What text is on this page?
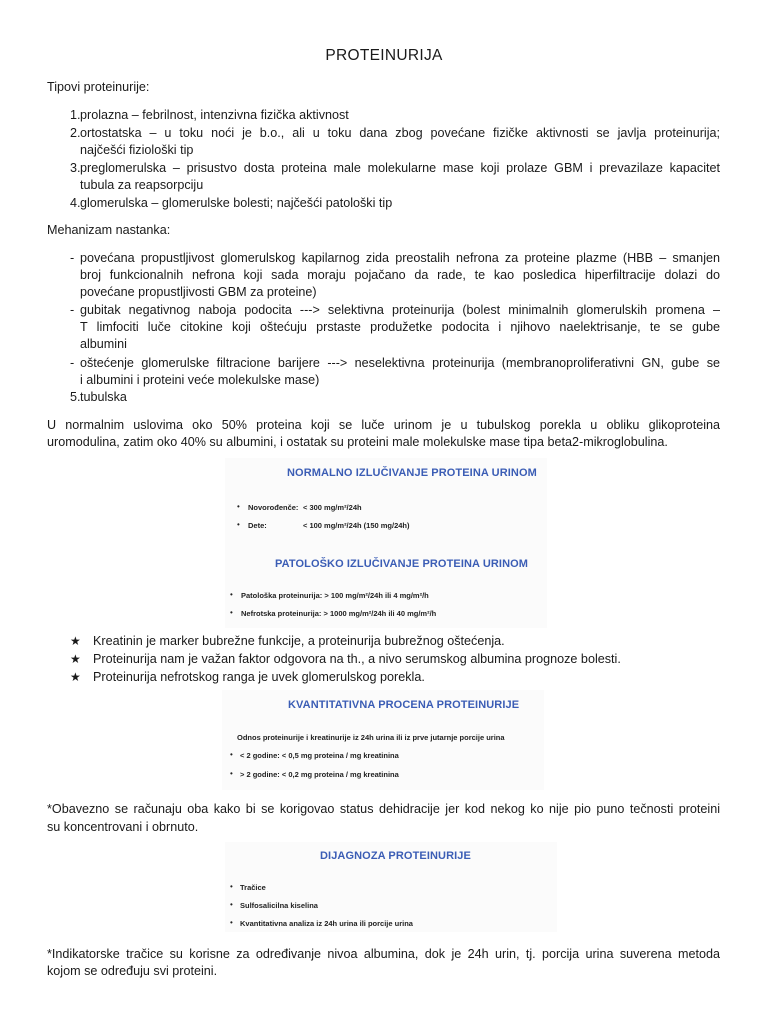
PROTEINURIJA
Tipovi proteinurije:
1. prolazna – febrilnost, intenzivna fizička aktivnost
2. ortostatska – u toku noći je b.o., ali u toku dana zbog povećane fizičke aktivnosti se javlja proteinurija;
najčešći fiziološki tip
3. preglomerulska – prisustvo dosta proteina male molekularne mase koji prolaze GBM i prevazilaze kapacitet
tubula za reapsorpciju
4. glomerulska – glomerulske bolesti; najčešći patološki tip
Mehanizam nastanka:
- povećana propustljivost glomerulskog kapilarnog zida preostalih nefrona za proteine plazme (HBB – smanjen
broj funkcionalnih nefrona koji sada moraju pojačano da rade, te kao posledica hiperfiltracije dolazi do
povećane propustljivosti GBM za proteine)
- gubitak negativnog naboja podocita ---> selektivna proteinurija (bolest minimalnih glomerulskih promena –
T limfociti luče citokine koji oštećuju prstaste produžetke podocita i njihovo naelektrisanje, te se gube
albumini
- oštećenje glomerulske filtracione barijere ---> neselektivna proteinurija (membranoproliferativni GN, gube se
i albumini i proteini veće molekulske mase)
5. tubulska
U normalnim uslovima oko 50% proteina koji se luče urinom je u tubulskog porekla u obliku glikoproteina
uromodulina, zatim oko 40% su albumini, i ostatak su proteini male molekulske mase tipa beta2-mikroglobulina.
NORMALNO IZLUČIVANJE PROTEINA URINOM
• Novorođenče: < 300 mg/m²/24h
• Dete:	< 100 mg/m²/24h (150 mg/24h)
PATOLOŠKO IZLUČIVANJE PROTEINA URINOM
• Patološka proteinurija: > 100 mg/m²/24h ili 4 mg/m²/h
• Nefrotska proteinurija: > 1000 mg/m²/24h ili 40 mg/m²/h
★ Kreatinin je marker bubrežne funkcije, a proteinurija bubrežnog oštećenja.
★ Proteinurija nam je važan faktor odgovora na th., a nivo serumskog albumina prognoze bolesti.
★ Proteinurija nefrotskog ranga je uvek glomerulskog porekla.
KVANTITATIVNA PROCENA PROTEINURIJE
Odnos proteinurije i kreatinurije iz 24h urina ili iz prve jutarnje porcije urina
• < 2 godine: < 0,5 mg proteina / mg kreatinina
• > 2 godine: < 0,2 mg proteina / mg kreatinina
*Obavezno se računaju oba kako bi se korigovao status dehidracije jer kod nekog ko nije pio puno tečnosti proteini
su koncentrovani i obrnuto.
DIJAGNOZA PROTEINURIJE
• Tračice
• Sulfosalicilna kiselina
• Kvantitativna analiza iz 24h urina ili porcije urina
*Indikatorske tračice su korisne za određivanje nivoa albumina, dok je 24h urin, tj. porcija urina suverena metoda
kojom se određuju svi proteini.
